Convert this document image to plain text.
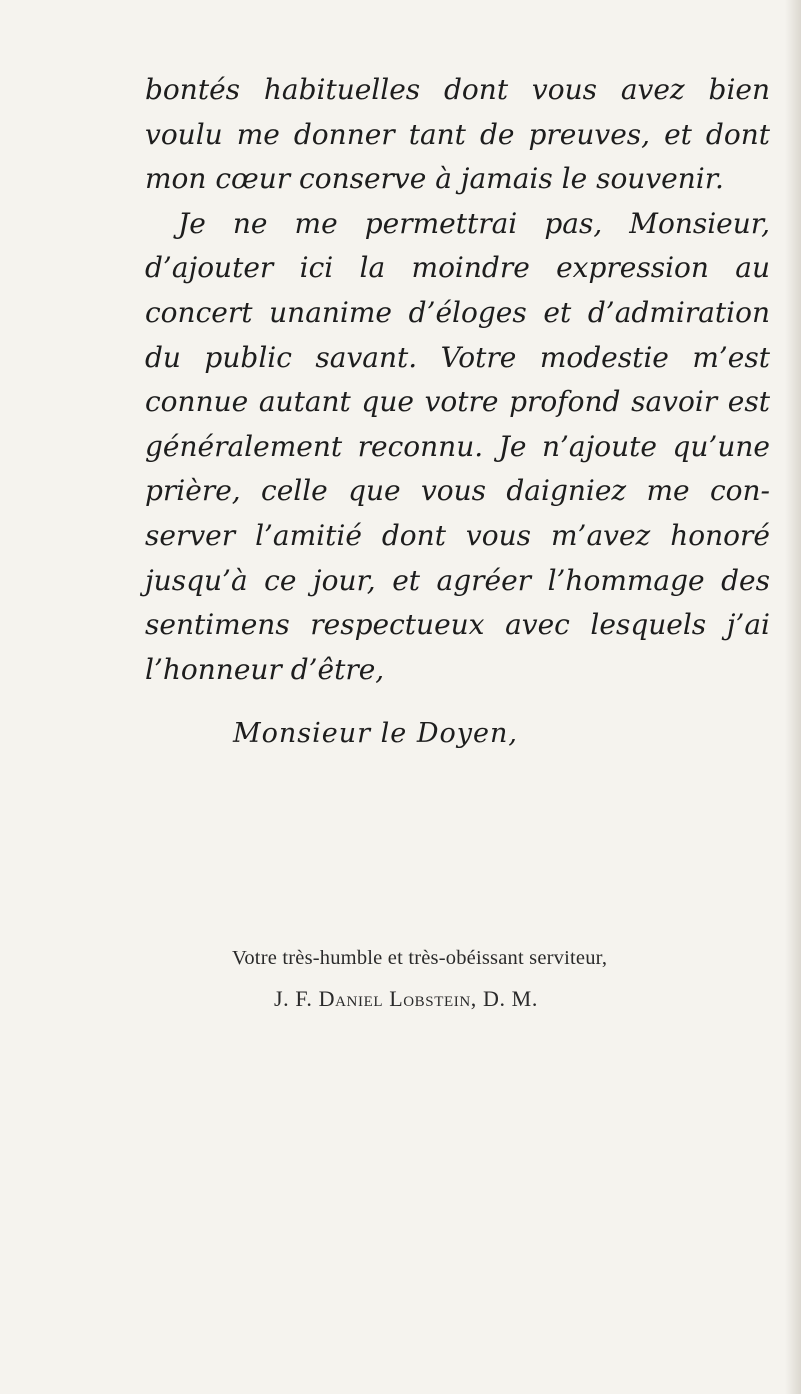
bontés habituelles dont vous avez bien
voulu me donner tant de preuves, et dont
mon cœur conserve à jamais le souvenir.
Je ne me permettrai pas, Monsieur,
d’ajouter ici la moindre expression au
concert unanime d’éloges et d’admiration
du public savant. Votre modestie m’est
connue autant que votre profond savoir est
généralement reconnu. Je n’ajoute qu’une
prière, celle que vous daigniez me con-
server l’amitié dont vous m’avez honoré
jusqu’à ce jour, et agréer l’hommage des
sentimens respectueux avec lesquels j’ai
l’honneur d’être,

Monsieur le Doyen,

Votre très-humble et très-obéissant serviteur,

J. F. Daniel Lobstein, D. M.
